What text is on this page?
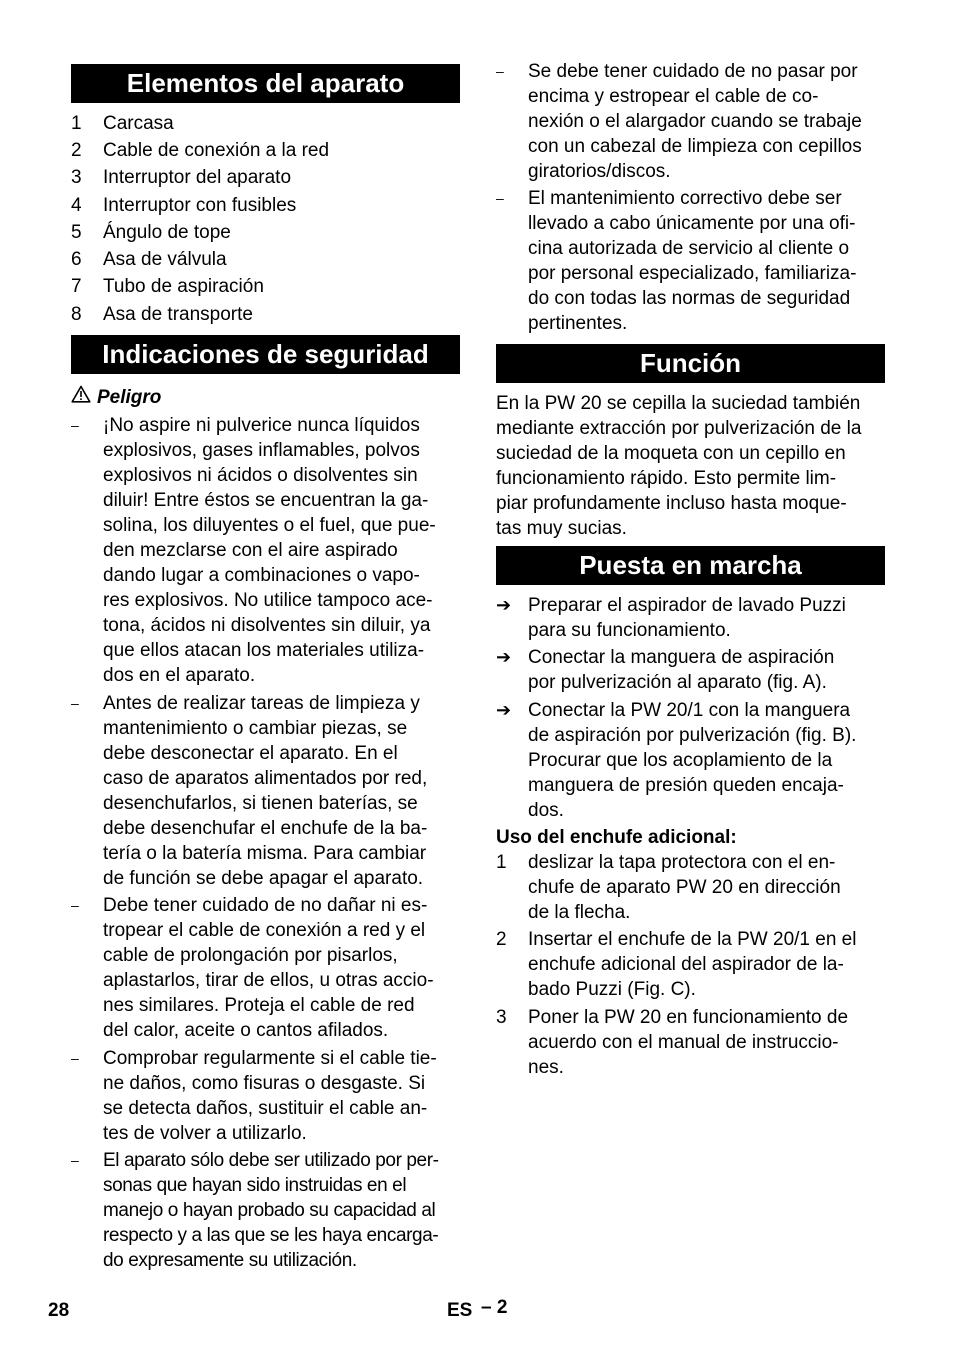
Elementos del aparato
1	Carcasa
2	Cable de conexión a la red
3	Interruptor del aparato
4	Interruptor con fusibles
5	Ángulo de tope
6	Asa de válvula
7	Tubo de aspiración
8	Asa de transporte
Indicaciones de seguridad
Peligro
–	¡No aspire ni pulverice nunca líquidos
explosivos, gases inflamables, polvos
explosivos ni ácidos o disolventes sin
diluir! Entre éstos se encuentran la ga-
solina, los diluyentes o el fuel, que pue-
den mezclarse con el aire aspirado
dando lugar a combinaciones o vapo-
res explosivos. No utilice tampoco ace-
tona, ácidos ni disolventes sin diluir, ya
que ellos atacan los materiales utiliza-
dos en el aparato.
–	Antes de realizar tareas de limpieza y
mantenimiento o cambiar piezas, se
debe desconectar el aparato. En el
caso de aparatos alimentados por red,
desenchufarlos, si tienen baterías, se
debe desenchufar el enchufe de la ba-
tería o la batería misma. Para cambiar
de función se debe apagar el aparato.
–	Debe tener cuidado de no dañar ni es-
tropear el cable de conexión a red y el
cable de prolongación por pisarlos,
aplastarlos, tirar de ellos, u otras accio-
nes similares. Proteja el cable de red
del calor, aceite o cantos afilados.
–	Comprobar regularmente si el cable tie-
ne daños, como fisuras o desgaste. Si
se detecta daños, sustituir el cable an-
tes de volver a utilizarlo.
–	El aparato sólo debe ser utilizado por per-
sonas que hayan sido instruidas en el
manejo o hayan probado su capacidad al
respecto y a las que se les haya encarga-
do expresamente su utilización.
–	Se debe tener cuidado de no pasar por
encima y estropear el cable de co-
nexión o el alargador cuando se trabaje
con un cabezal de limpieza con cepillos
giratorios/discos.
–	El mantenimiento correctivo debe ser
llevado a cabo únicamente por una ofi-
cina autorizada de servicio al cliente o
por personal especializado, familiariza-
do con todas las normas de seguridad
pertinentes.
Función
En la PW 20 se cepilla la suciedad también
mediante extracción por pulverización de la
suciedad de la moqueta con un cepillo en
funcionamiento rápido. Esto permite lim-
piar profundamente incluso hasta moque-
tas muy sucias.
Puesta en marcha
➔ Preparar el aspirador de lavado Puzzi
para su funcionamiento.
➔ Conectar la manguera de aspiración
por pulverización al aparato (fig. A).
➔ Conectar la PW 20/1 con la manguera
de aspiración por pulverización (fig. B).
Procurar que los acoplamiento de la
manguera de presión queden encaja-
dos.
Uso del enchufe adicional:
1	deslizar la tapa protectora con el en-
chufe de aparato PW 20 en dirección
de la flecha.
2	Insertar el enchufe de la PW 20/1 en el
enchufe adicional del aspirador de la-
bado Puzzi (Fig. C).
3	Poner la PW 20 en funcionamiento de
acuerdo con el manual de instruccio-
nes.
28	ES – 2
